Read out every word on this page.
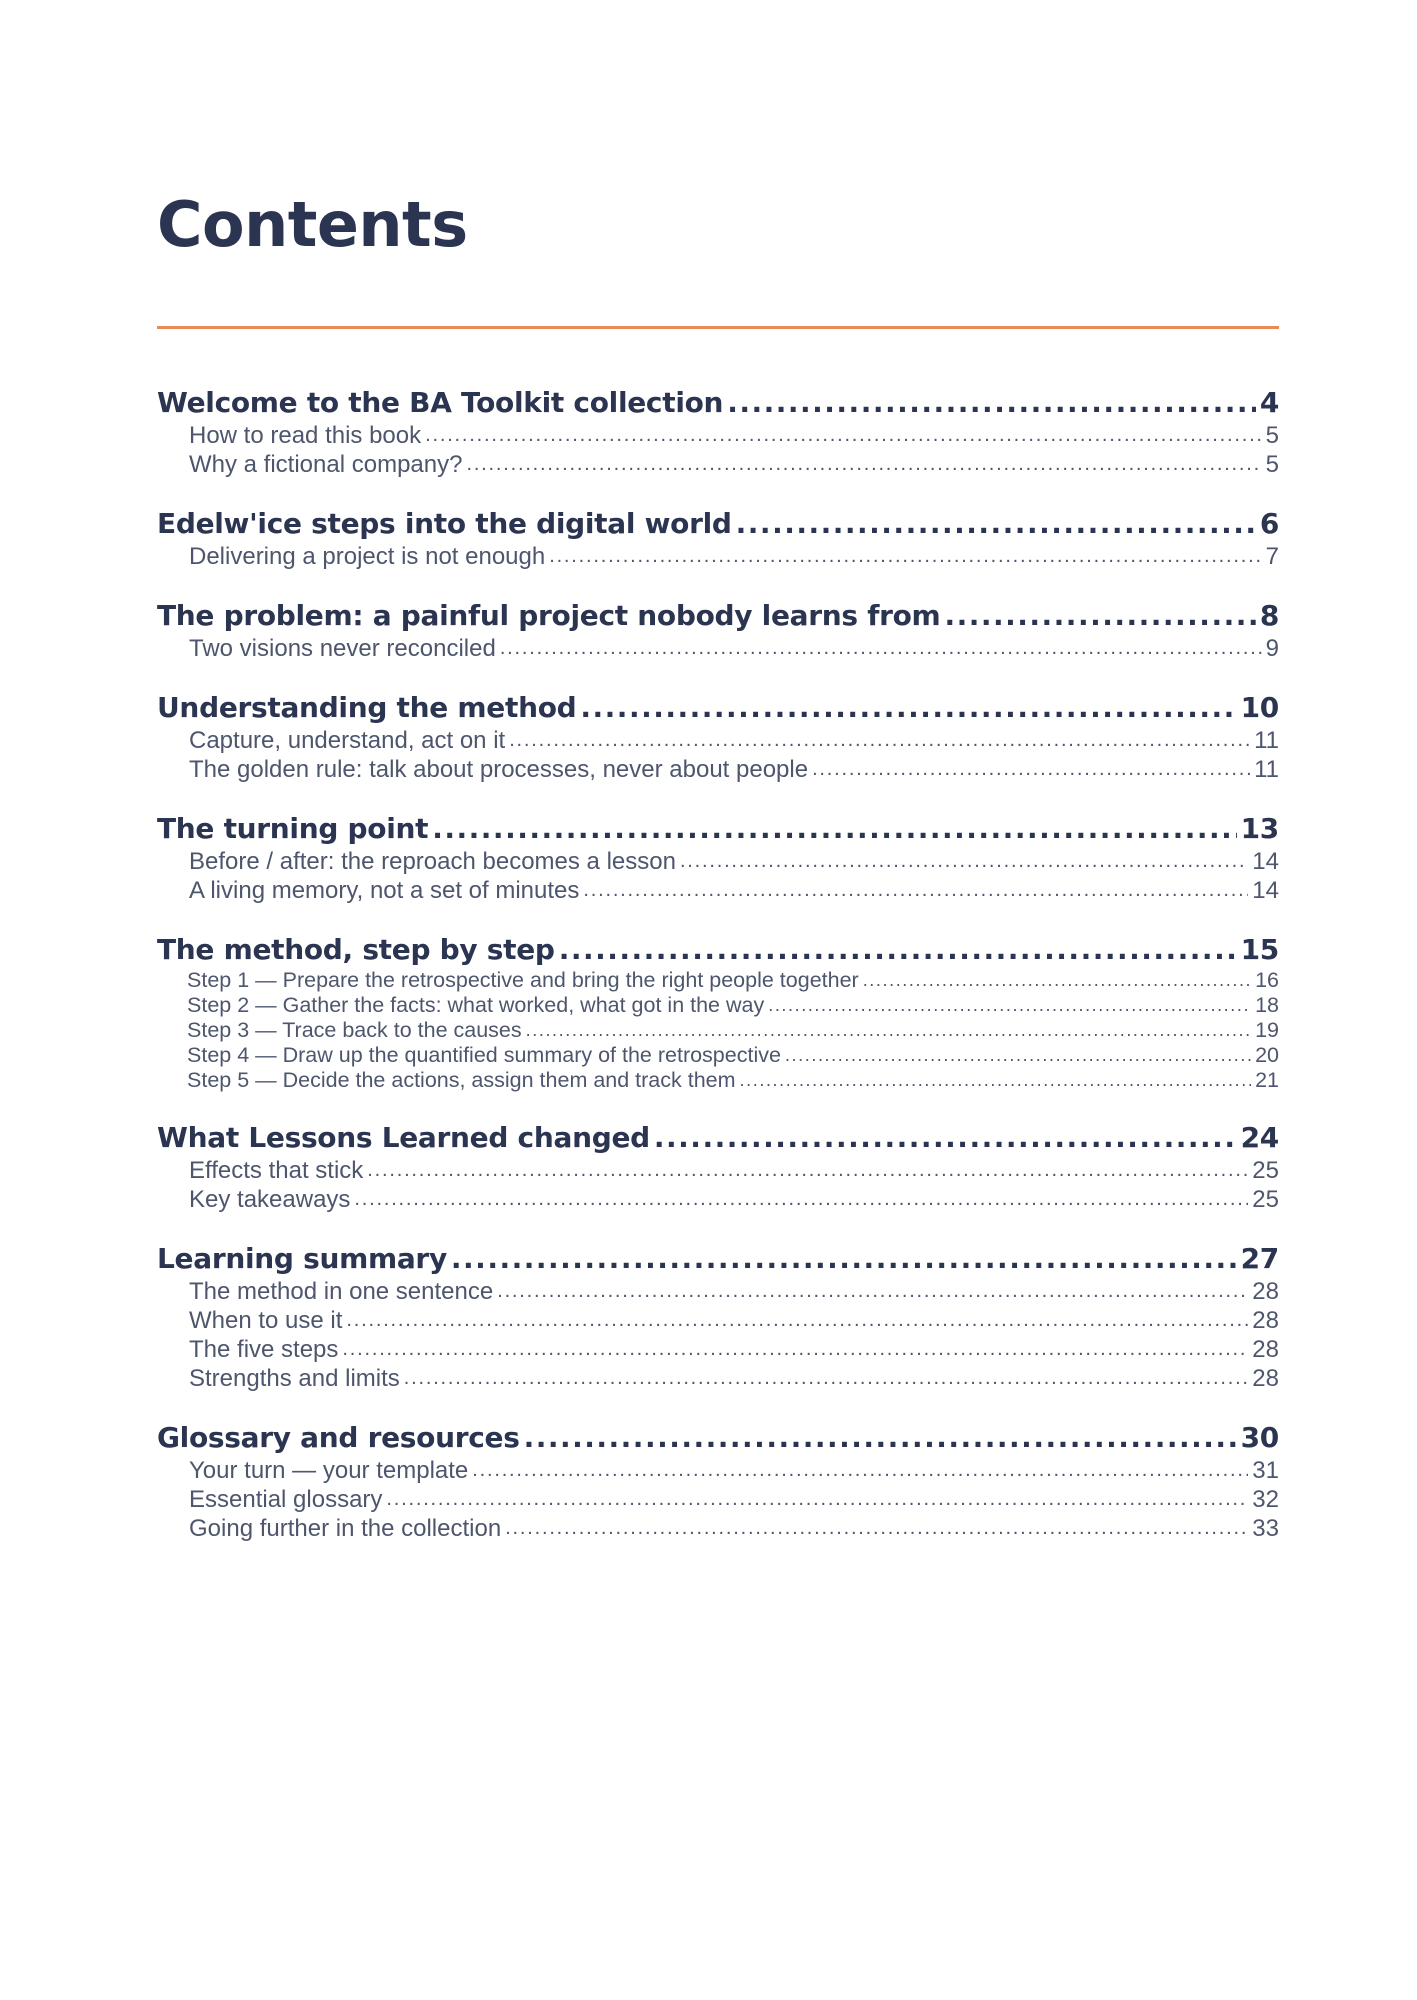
Contents
Welcome to the BA Toolkit collection .....	4
How to read this book .....	5
Why a fictional company? .....	5
Edelw'ice steps into the digital world .....	6
Delivering a project is not enough .....	7
The problem: a painful project nobody learns from .....	8
Two visions never reconciled .....	9
Understanding the method .....	10
Capture, understand, act on it .....	11
The golden rule: talk about processes, never about people .....	11
The turning point .....	13
Before / after: the reproach becomes a lesson .....	14
A living memory, not a set of minutes .....	14
The method, step by step .....	15
Step 1 — Prepare the retrospective and bring the right people together .....	16
Step 2 — Gather the facts: what worked, what got in the way .....	18
Step 3 — Trace back to the causes .....	19
Step 4 — Draw up the quantified summary of the retrospective .....	20
Step 5 — Decide the actions, assign them and track them .....	21
What Lessons Learned changed .....	24
Effects that stick .....	25
Key takeaways .....	25
Learning summary .....	27
The method in one sentence .....	28
When to use it .....	28
The five steps .....	28
Strengths and limits .....	28
Glossary and resources .....	30
Your turn — your template .....	31
Essential glossary .....	32
Going further in the collection .....	33
